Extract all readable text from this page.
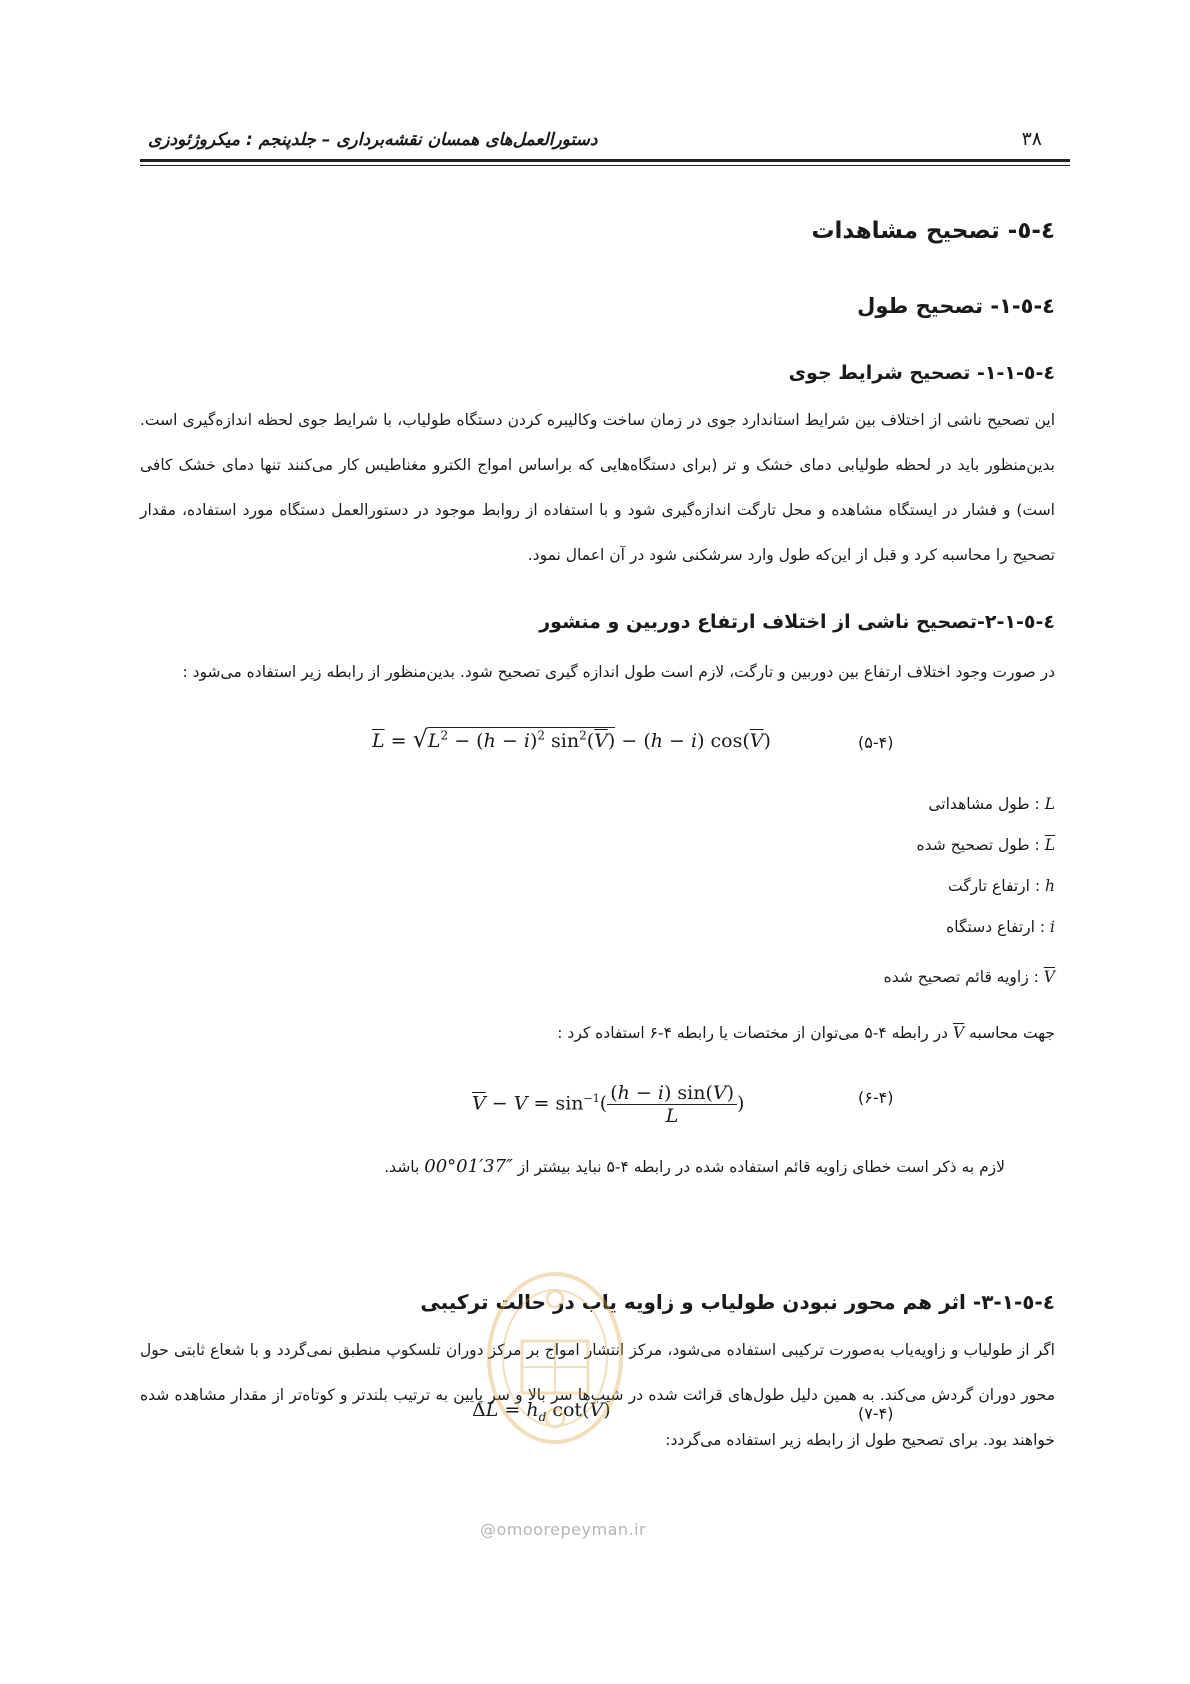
دستورالعمل‌های همسان نقشه‌برداری – جلدپنجم : میکروژئودزی	۳۸
٤-٥- تصحیح مشاهدات
٤-٥-١- تصحیح طول
٤-٥-١-١- تصحیح شرایط جوی
این تصحیح ناشی از اختلاف بین شرایط استاندارد جوی در زمان ساخت وکالیبره کردن دستگاه طولیاب، با شرایط جوی لحظه اندازه‌گیری است. بدین‌منظور باید در لحظه طولیابی دمای خشک و تر (برای دستگاه‌هایی که براساس امواج الکترو مغناطیس کار می‌کنند تنها دمای خشک کافی است) و فشار در ایستگاه مشاهده و محل تارگت اندازه‌گیری شود و با استفاده از روابط موجود در دستورالعمل دستگاه مورد استفاده، مقدار تصحیح را محاسبه کرد و قبل از این‌که طول وارد سرشکنی شود در آن اعمال نمود.
٤-٥-١-٢-تصحیح ناشی از اختلاف ارتفاع دوربین و منشور
در صورت وجود اختلاف ارتفاع بین دوربین و تارگت، لازم است طول اندازه گیری تصحیح شود. بدین‌منظور از رابطه زیر استفاده می‌شود :
$\overline{L} = √L^2 - (h - i)^2$ $\sin^2(\overline{V}) - (h - i)$ $\cos(\overline{V})$	(۵-۴)
L : طول مشاهداتی
L : طول تصحیح شده
h : ارتفاع تارگت
i : ارتفاع دستگاه
V : زاویه قائم تصحیح شده
جهت محاسبه V در رابطه ۴-۵ می‌توان از مختصات یا رابطه ۴-۶ استفاده کرد :
$\overline{V} - V = \sin^{-1}( \frac{(h - i) \sin(V)}{L}$ )	(۶-۴)
لازم به ذکر است خطای زاویه قائم استفاده شده در رابطه ۴-۵ نباید بیشتر از 00°01′37″ باشد.
٤-٥-١-٣- اثر هم محور نبودن طولیاب و زاویه یاب در حالت ترکیبی
اگر از طولیاب و زاویه‌یاب به‌صورت ترکیبی استفاده می‌شود، مرکز انتشار امواج بر مرکز دوران تلسکوپ منطبق نمی‌گردد و با شعاع ثابتی حول محور دوران گردش می‌کند. به همین دلیل طول‌های قرائت شده در شیب‌ها سر بالا و سر پایین به ترتیب بلندتر و کوتاه‌تر از مقدار مشاهده شده خواهند بود. برای تصحیح طول از رابطه زیر استفاده می‌گردد:
$\Delta L = h_d$ cot(V)	(۷-۴)
@omoorepeyman.ir
